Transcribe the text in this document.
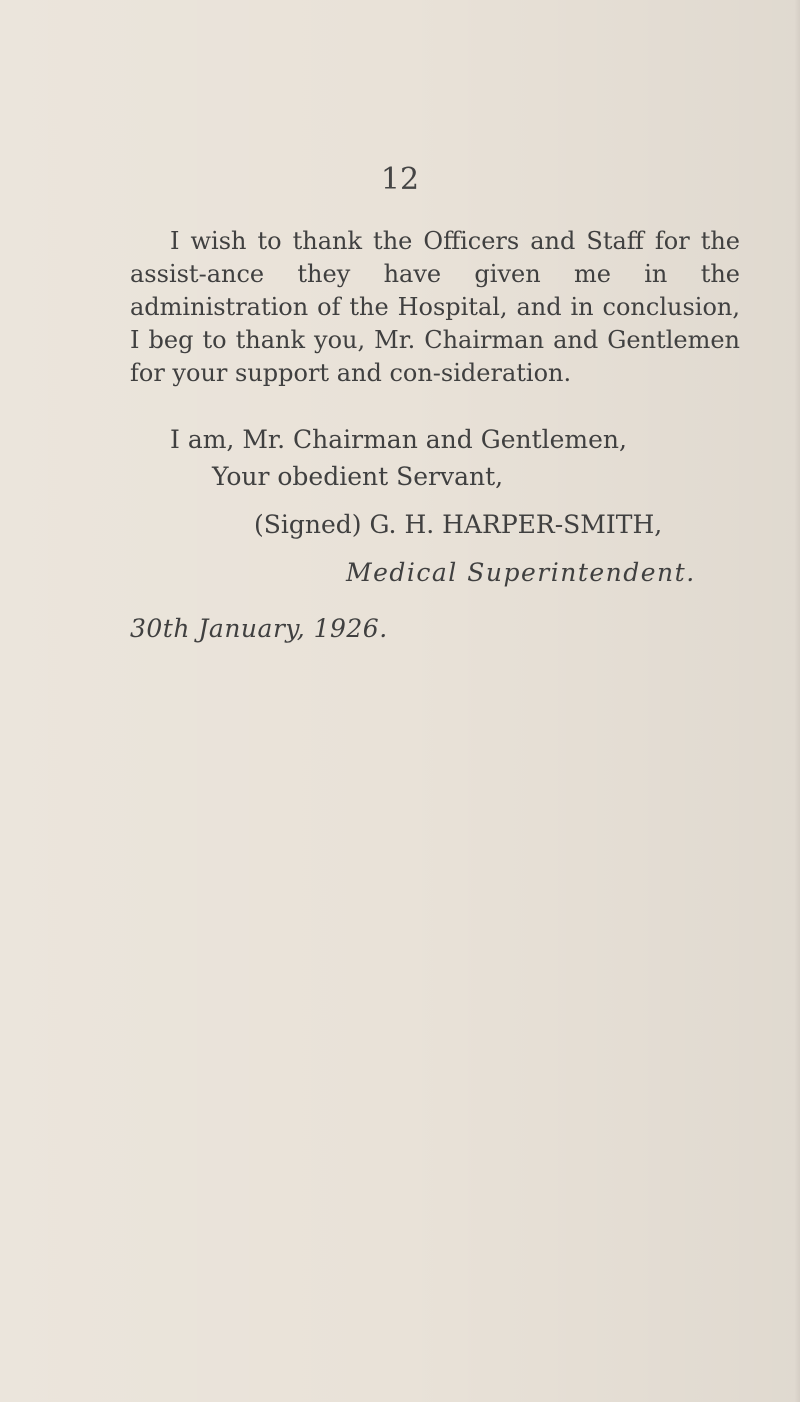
12

I wish to thank the Officers and Staff for the assist-ance they have given me in the administration of the Hospital, and in conclusion, I beg to thank you, Mr. Chairman and Gentlemen for your support and con-sideration.

I am, Mr. Chairman and Gentlemen,
Your obedient Servant,
(Signed) G. H. HARPER-SMITH,
Medical Superintendent.
30th January, 1926.
